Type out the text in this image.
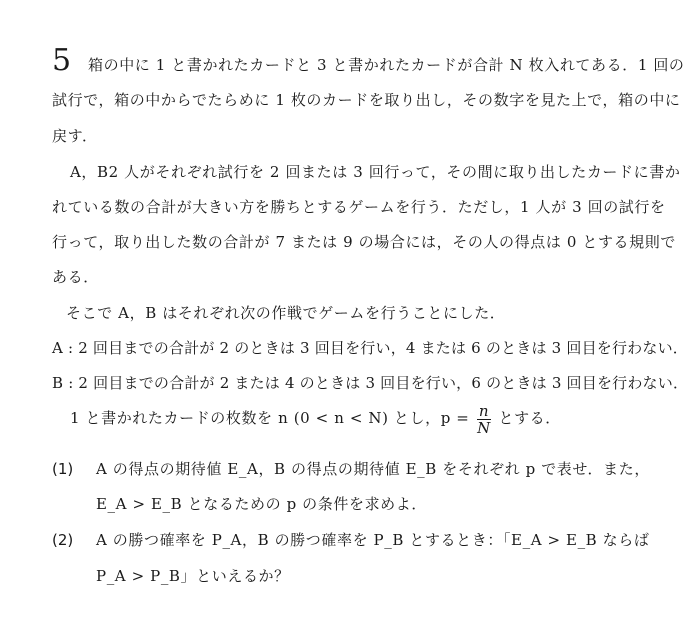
5 箱の中に 1 と書かれたカードと 3 と書かれたカードが合計 N 枚入れてある．1 回の
試行で，箱の中からでたらめに 1 枚のカードを取り出し，その数字を見た上で，箱の中に
戻す．
A，B2 人がそれぞれ試行を 2 回または 3 回行って，その間に取り出したカードに書か
れている数の合計が大きい方を勝ちとするゲームを行う．ただし，1 人が 3 回の試行を
行って，取り出した数の合計が 7 または 9 の場合には，その人の得点は 0 とする規則で
ある．
そこで A，B はそれぞれ次の作戦でゲームを行うことにした．
A : 2 回目までの合計が 2 のときは 3 回目を行い，4 または 6 のときは 3 回目を行わない．
B : 2 回目までの合計が 2 または 4 のときは 3 回目を行い，6 のときは 3 回目を行わない．
1 と書かれたカードの枚数を n (0 < n < N) とし，$p = \frac{n}{N}$ とする．
(1) A の得点の期待値 E_A，B の得点の期待値 E_B をそれぞれ p で表せ．また，
E_A > E_B となるための p の条件を求めよ．
(2) A の勝つ確率を P_A，B の勝つ確率を P_B とするとき：「E_A > E_B ならば
P_A > P_B」といえるか？
